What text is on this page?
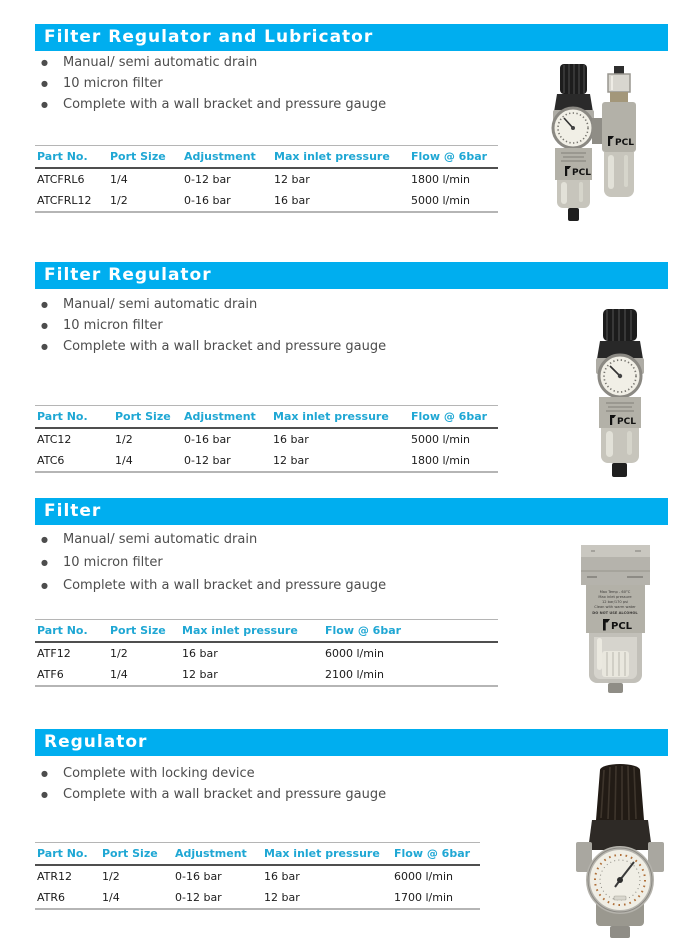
Filter Regulator and Lubricator
● Manual/ semi automatic drain
● 10 micron filter
● Complete with a wall bracket and pressure gauge
Part No.	Port Size	Adjustment	Max inlet pressure	Flow @ 6bar
ATCFRL6	1/4	0-12 bar	12 bar	1800 l/min
ATCFRL12	1/2	0-16 bar	16 bar	5000 l/min
PCL
PCL
Filter Regulator
● Manual/ semi automatic drain
● 10 micron filter
● Complete with a wall bracket and pressure gauge
Part No.	Port Size	Adjustment	Max inlet pressure	Flow @ 6bar
ATC12	1/2	0-16 bar	16 bar	5000 l/min
ATC6	1/4	0-12 bar	12 bar	1800 l/min
PCL
Filter
● Manual/ semi automatic drain
● 10 micron filter
● Complete with a wall bracket and pressure gauge
Part No.	Port Size	Max inlet pressure	Flow @ 6bar
ATF12	1/2	16 bar	6000 l/min
ATF6	1/4	12 bar	2100 l/min
Max Temp - 60°C
Max inlet pressure
12 bar/170 psi
Clean with warm water
DO NOT USE ALCOHOL
PCL
Regulator
● Complete with locking device
● Complete with a wall bracket and pressure gauge
Part No.	Port Size	Adjustment	Max inlet pressure	Flow @ 6bar
ATR12	1/2	0-16 bar	16 bar	6000 l/min
ATR6	1/4	0-12 bar	12 bar	1700 l/min
